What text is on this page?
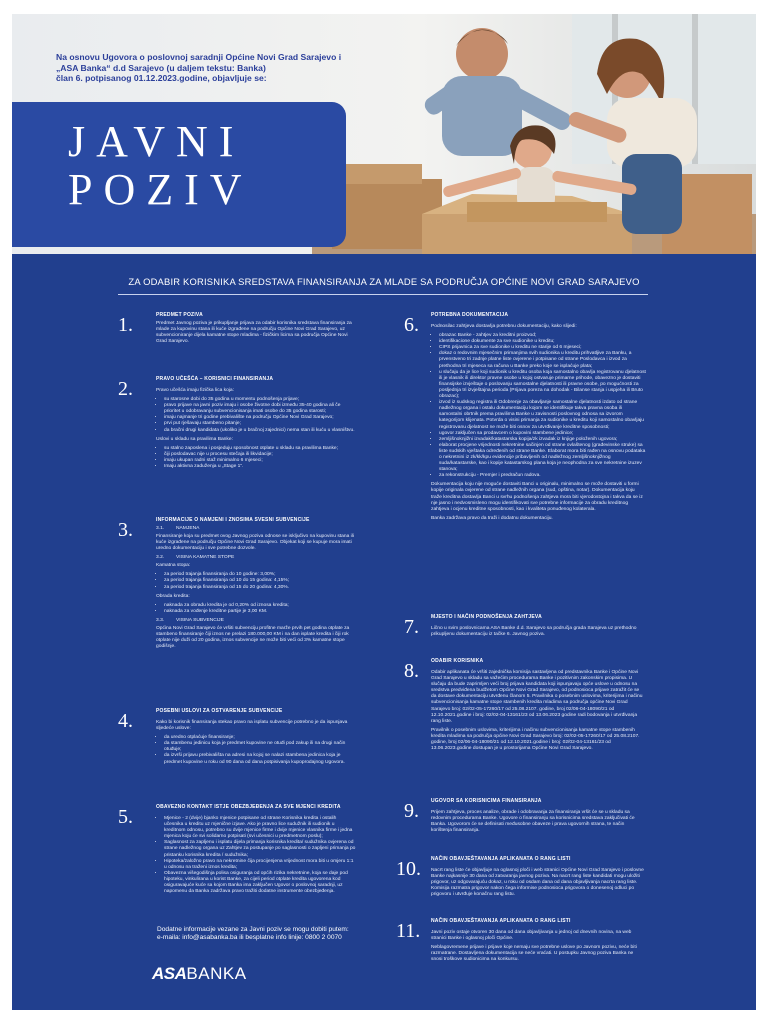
Na osnovu Ugovora o poslovnoj saradnji Općine Novi Grad Sarajevo i
„ASA Banka“ d.d Sarajevo (u daljem tekstu: Banka)
član 6. potpisanog 01.12.2023.godine, objavljuje se:
JAVNI
POZIV
ZA ODABIR KORISNIKA SREDSTAVA FINANSIRANJA ZA MLADE SA PODRUČJA OPĆINE NOVI GRAD SARAJEVO
1.	PREDMET POZIVA

Predmet Javnog poziva je prikupljanje prijava za odabir korisnika sredstava finansiranja za mlade za kupovinu stana ili kuće izgrađene na području Općine Novi Grad Sarajevo, uz subvencioniranje dijela kamatne stope mladima - fizičkim licima sa područja Općine Novi Grad Sarajevo.

2.	PRAVO UČEŠĆA – KORISNICI FINANSIRANJA

Pravo učešća imaju fizička lica koja:

• su starosne dobi do 35 godina u momentu podnošenja prijave;
• pravo prijave na javni poziv imaju i osobe životne dobi između 35-40 godina ali če prioritet u odobravanju subvencionisanja imati osobe do 35 godina starosti;
• imaju najmanje tri godine prebivalište na području Općine Novi Grad Sarajevo;
• prvi put rješavaju stambeno pitanje;
• da bračni drugi kandidata (ukoliko je u bračnoj zajednici) nema stan ili kuću u vlasništvu.

Uslovi u skladu sa pravilima Banke:

• su stalno zaposlena i posjeduju sposobnost otplate u skladu sa pravilima Banke;
• čiji poslodavac nije u procesu stečaja ili likvidacije;
• imaju ukupan radni staž minimalno 6 mjeseci;
• Imaju aktivna zaduženja u „Stage 1“.
3.	INFORMACIJE O NAMJENI I ZNOSIMA SVESNI SUBVENCIJE
3.1. NAMJENA

Finansiranje koja su predmet ovog Javnog poziva odnose se isključivo na kupovinu stana ili kuće izgrađene na području Općine Novi Grad Sarajevo. Objekat koji se kupuje mora imati uredno dokumentaciju i sve potrebne dozvole.

3.2. VISINA KAMATNE STOPE

Kamatna stopa:

• za period trajanja finansiranja do 10 godine: 3,00%;
• za period trajanja finansiranja od 10 do 15 godina: 4,15%;
• za period trajanja finansiranja od 15 do 20 godina: 4,30%.

Obrada kredita:

• naknada za obradu kredita je od 0,20% od iznosa kredita;
• naknada za vođenje kreditne partije je 3,00 KM.
3.3. VISINA SUBVENCIJE

Općina Novi Grad Sarajevo će vršiti subvenciju profitne marže prvih pet godina otplate za stambeno finansiranje čiji iznos ne prelazi 180.000,00 KM i na dan isplate kredita i čiji rok otplate nije duži od 20 godina, iznos subvencije ne može biti veći od 3% kamatne stope godišnje.

4.	POSEBNI USLOVI ZA OSTVARENJE SUBVENCIJE

Kako bi korisnik finansiranja stekao pravo na isplatu subvencije potrebno je da ispunjava sljedeće uslove:

• da uredno otplaćuje finansiranje;
• da stambenu jedinicu koja je predmet kupovine ne otuđi pod zakup ili na drugi način otuđuje;
• da izvrši prijavu prebivališta na adresi na kojoj se nalazi stambena jedinica koja je predmet kupovine u roku od 90 dana od dana potpisivanja kupoprodajnog Ugovora.
5.	OBAVEZNO KONTAKT ISTJE OBEZBJEĐENJA ZA SVE MJENCI KREDITA
• Mjenice - 2 (dvije) bjanko mjenice potpisane od strane Korisnika kredita i ostalih učesnika u kreditu uz mjenične izjave. Ako je pravno lice sudužnik ili sudionik u kreditnom odnosu, potrebno su dvije mjenice firme i dvije mjenice vlasnika firme i jedna mjenica koju će svi solidarno potpisati (svi učesnici u predmetnom poslu);
• Saglasnost za zapljenu i isplatu dijela primanja korisnika kredita/ sudužnika ovjerena od strane nadležnog organa uz Zahtjev za postupanje po saglasnosti o zapljeni primanja po pristanku korisnika kredita / sudužnika;
• Hipoteka/založno pravo na nekretnine čija procijenjena vrijednost mora biti u omjeru 1:1 u odnosu na traženi iznos kredita;
• Obavezna višegodišnja polisa osiguranja od općih rizika nekretnine, koja se daje pod hipoteku, vinkulirana u korist Banke, za cijeli period otplate kredita ugovorena kod osiguravajuće kuće sa kojom Banka ima zaključen Ugovor o poslovnoj saradnji, uz napomenu da Banka zadržava pravo tražiti dodatne instrumente obezbjeđenja.
Dodatne informacije vezane za Javni poziv se mogu dobiti putem:
e-maila: info@asabanka.ba ili besplatne info linije: 0800 2 0070
ASABANKA
6.	POTREBNA DOKUMENTACIJA

Podnosilac zahtjeva dostavlja potrebnu dokumentaciju, kako slijedi:

• obrazac Banke - zahtjev za kreditni proizvod;
• identifikacione dokumente za sve sudionike u kreditu;
• CIPS prijavnica za sve sudionike u kreditu ne starije od 6 mjeseci;
• dokaz o redovnim mjesečnim primanjima svih sudionika u kreditu prihvatljive za Banku, a prvenstveno tri zadnje platne liste ovjerene i potpisane od strane Poslodavca i izvod za prethodna tri mjeseca sa računa u Banke preko koje se isplaćuje plata;
• u slučaju da je lice koji sudionik u kreditu osoba koja samostalno obavlja registrovanu djelatnost ili je vlasnik ili direktor pravne osobe u kojoj ostvaruje primarne prihode, obavezno je dostaviti finansijske izvještaje o poslovanju samostalne djelatnosti ili pravne osobe, po mogućnosti za posljednja tri izvještajna perioda (Prijava poreza na dohodak - Bilanse stanja i uspjeha ili Bruto obrazac);
• izvod iz sudskog registra ili Odobrenje za obavljanje samostalne djelatnosti izdato od strane nadležnog organa i ostalu dokumentaciju kojom se identifikuje takva pravna osoba ili samostalni obrtnik prema pravilima Banke u zavisnosti poslovnog odnosa sa izvorom kategorijom klijenata. Potvrda o visini primanja za sudionike u kreditu koji samostalno obavljaju registrovanu djelatnost ne može biti osnov za utvrđivanje kreditne sposobnosti;
• ugovor zaključen sa prodavcem o kupovini stambene jedinice;
• zemljišnoknjižni izvadak/katastarska kopija/zk izvadak iz knjige položenih ugovora;
• elaborat procjene vrijednosti nekretnine sačinjen od strane ovlaštenog (građevinske struke) sa liste sudskih vještaka određenih od strane Banke. Elaborat mora biti rađen na osnovu podataka o nekretnini iz zk/kk/kpu evidencije pribavljenih od nadležnog zemljišnoknjižnog suda/katastarske, kao i kopije katastarskog plana koja je neophodna za sve nekretnine izuzev stanova;
• za rekonstrukciju - Premjer i predračun radova.

Dokumentacija koju nije moguće dostaviti Banci u originalu, minimalno se može dostaviti u formi kopije originala ovjerene od strane nadležnih organa (sud, opština, notar). Dokumentacija koju traže kreditna dostavlja Banci u svrhu podnošenja zahtjeva mora biti vjerodostojna i takva da se iz nje jasno i nedvosmisleno mogu identifikovati sve potrebne informacije za obradu kreditnog zahtjeva i ocjenu kreditne sposobnosti, kao i kvaliteta ponuđenog kolaterala.

Banka zadržava pravo da traži i dodatnu dokumentaciju.

7.	MJESTO I NAČIN PODNOŠENJA ZAHTJEVA

Lično u svim poslovnicama ASA Banke d.d. Sarajevo sa područja grada Sarajeva uz prethodno prikupljenu dokumentaciju iz tačke 6. Javnog poziva.

8.	ODABIR KORISNIKA

Odabir aplikanata će vršiti zajednička komisija sastavljena od predstavnika Banke i Općine Novi Grad Sarajevo u skladu sa važećim procedurama Banke i pozitivnim zakonskim propisima. U slučaju da bude zaprimljen veći broj prijava kandidata koji ispunjavaju opće uslove u odnosu na sredstva predviđena budžetom Općine Novi Grad Sarajevo, od podnosioca prijave zatražit će se da dostave dokumentaciju utvrđenu članom 5. Pravilnika o posebnim uslovima, kriterijima i načinu subvencionisanja kamatne stope stambenih kredita mladima sa područja općine Novi Grad Sarajevo broj: 02/02-05-17260/17 od 25.08.2107. godine, broj 02/06-04-18090/21 od 12.10.2021.godine i broj: 02/02-04-13161/23 od 13.06.2023 godine radi bodovanja i utvrđivanja rang liste.

Pravilnik o posebnim uslovima, kriterijima i načinu subvencionisanja kamatne stope stambenih kredita mladima sa područja općine Novi Grad Sarajevo broj: 02/02-05-17260/17 od 25.08.2107. godine, broj 02/06-04-18090/21 od 12.10.2021.godine i broj: 02/02-04-13161/23 od 13.06.2023.godine dostupan je u prostorijama Općine Novi Grad Sarajevo.

9.	UGOVOR SA KORISNICIMA FINANSIRANJA

Prijem zahtjeva, proces analize, obrade i odobravanja za finansiranja vršit će se u skladu sa redovnim procedurama Banke. Ugovore o finansiranju sa korisnicima sredstava zaključivati će Banka. Ugovorom će se definisati međusobne obaveze i prava ugovornih strana, te način korištenja finansiranja.

10. NAČIN OBAVJEŠTAVANJA APLIKANATA O RANG LISTI

Nacrt rang liste će objavljuje na oglasnoj ploči i web stranici Općine Novi Grad Sarajevo i poslovne Banke najkasnije 30 dana od zatvaranja javnog poziva. Na nacrt rang liste kandidati mogu uložiti prigovor, uz odgovarajuću dokaz, u roku od osdam dana od dana objavljivanja nacrta rang liste. Komisija razmatra prigovor nakon čega informise podnosioca prigovora o donesenoj odluci po prigovoru i utvrđuje konačnu rang listu.

11. NAČIN OBAVJEŠTAVANJA APLIKANATA O RANG LISTI

Javni poziv ostaje otvoren 30 dana od dana objavljivanja u jednoj od dnevnih novina, na web stranici Banke i oglasnoj ploči Općine.

Neblagovremene prijave i prijave koje nemaju sve potrebne uslove po Javnom pozivu, neće biti razmatrane. Dostavljena dokumentacija se neće vraćati. U postupku Javnog poziva Banka ne snosi troškove sudionicima na konkursu.
